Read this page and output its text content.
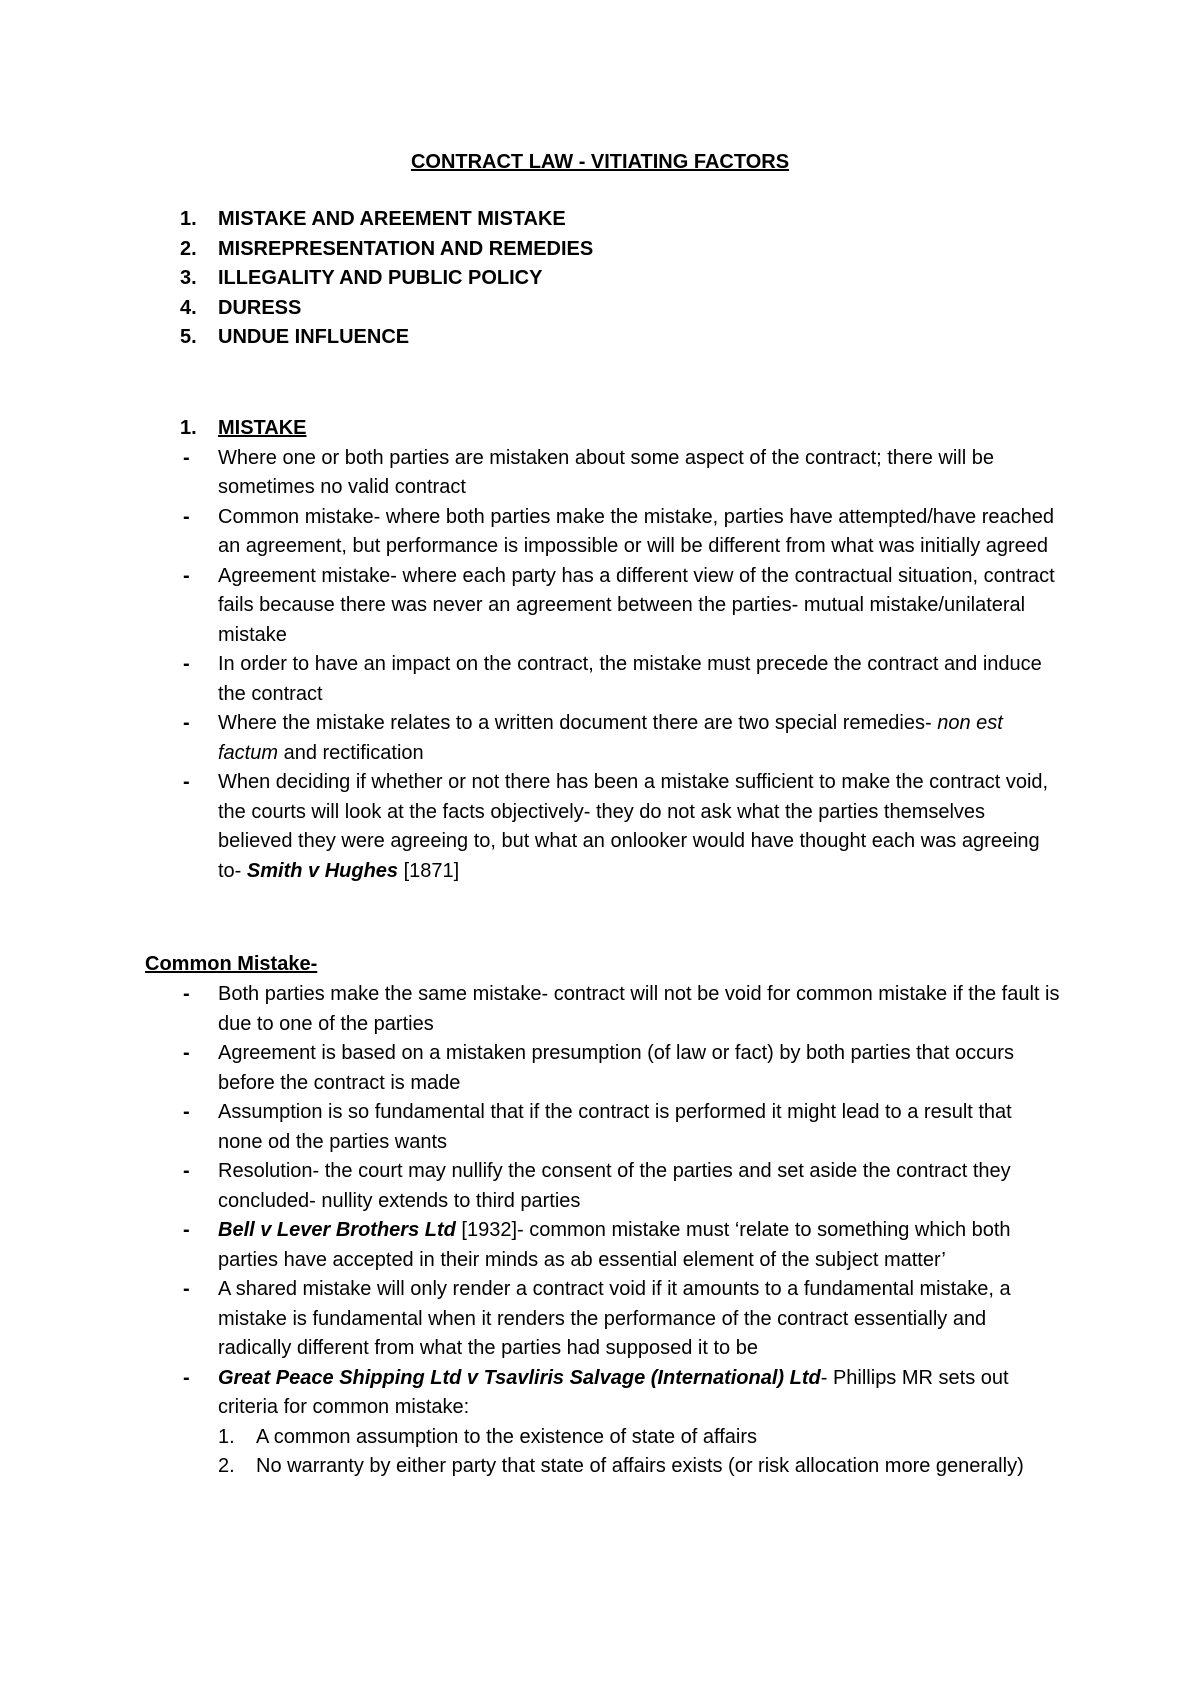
CONTRACT LAW - VITIATING FACTORS
1. MISTAKE AND AREEMENT MISTAKE
2. MISREPRESENTATION AND REMEDIES
3. ILLEGALITY AND PUBLIC POLICY
4. DURESS
5. UNDUE INFLUENCE
1. MISTAKE
- Where one or both parties are mistaken about some aspect of the contract; there will be sometimes no valid contract
- Common mistake- where both parties make the mistake, parties have attempted/have reached an agreement, but performance is impossible or will be different from what was initially agreed
- Agreement mistake- where each party has a different view of the contractual situation, contract fails because there was never an agreement between the parties- mutual mistake/unilateral mistake
- In order to have an impact on the contract, the mistake must precede the contract and induce the contract
- Where the mistake relates to a written document there are two special remedies- non est factum and rectification
- When deciding if whether or not there has been a mistake sufficient to make the contract void, the courts will look at the facts objectively- they do not ask what the parties themselves believed they were agreeing to, but what an onlooker would have thought each was agreeing to- Smith v Hughes [1871]
Common Mistake-
- Both parties make the same mistake- contract will not be void for common mistake if the fault is due to one of the parties
- Agreement is based on a mistaken presumption (of law or fact) by both parties that occurs before the contract is made
- Assumption is so fundamental that if the contract is performed it might lead to a result that none od the parties wants
- Resolution- the court may nullify the consent of the parties and set aside the contract they concluded- nullity extends to third parties
- Bell v Lever Brothers Ltd [1932]- common mistake must ‘relate to something which both parties have accepted in their minds as ab essential element of the subject matter’
- A shared mistake will only render a contract void if it amounts to a fundamental mistake, a mistake is fundamental when it renders the performance of the contract essentially and radically different from what the parties had supposed it to be
- Great Peace Shipping Ltd v Tsavliris Salvage (International) Ltd- Phillips MR sets out criteria for common mistake:
1. A common assumption to the existence of state of affairs
2. No warranty by either party that state of affairs exists (or risk allocation more generally)
